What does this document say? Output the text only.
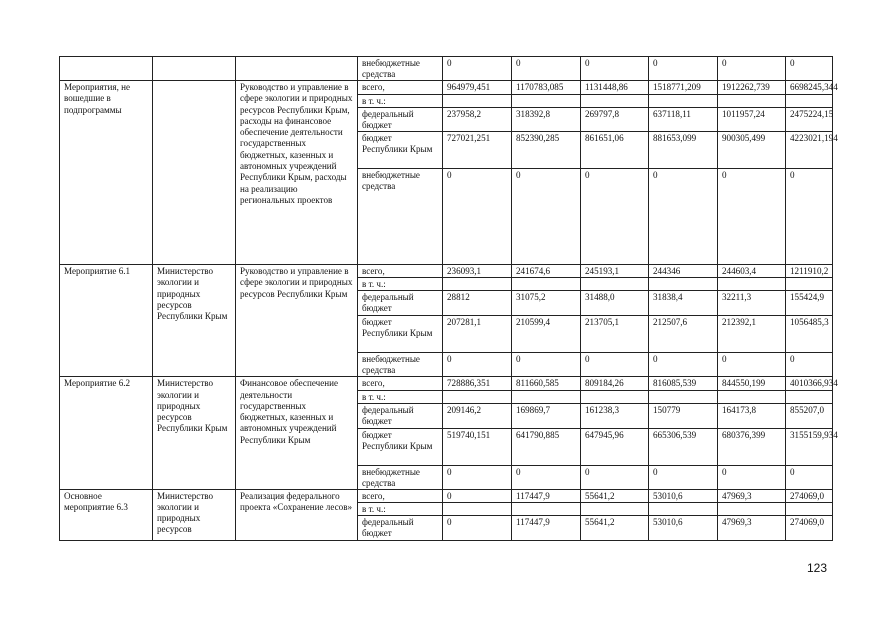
			внебюджетные средства	0	0	0	0	0	0
Мероприятия, не вошедшие в подпрограммы		Руководство и управление в сфере экологии и природных ресурсов Республики Крым, расходы на финансовое обеспечение деятельности государственных бюджетных, казенных и автономных учреждений Республики Крым, расходы на реализацию региональных проектов	всего,	964979,451	1170783,085	1131448,86	1518771,209	1912262,739	6698245,344
			в т. ч.:						
			федеральный бюджет	237958,2	318392,8	269797,8	637118,11	1011957,24	2475224,15
			бюджет Республики Крым	727021,251	852390,285	861651,06	881653,099	900305,499	4223021,194
			внебюджетные средства	0	0	0	0	0	0
Мероприятие 6.1	Министерство экологии и природных ресурсов Республики Крым	Руководство и управление в сфере экологии и природных ресурсов Республики Крым	всего,	236093,1	241674,6	245193,1	244346	244603,4	1211910,2
			в т. ч.:						
			федеральный бюджет	28812	31075,2	31488,0	31838,4	32211,3	155424,9
			бюджет Республики Крым	207281,1	210599,4	213705,1	212507,6	212392,1	1056485,3
			внебюджетные средства	0	0	0	0	0	0
Мероприятие 6.2	Министерство экологии и природных ресурсов Республики Крым	Финансовое обеспечение деятельности государственных бюджетных, казенных и автономных учреждений Республики Крым	всего,	728886,351	811660,585	809184,26	816085,539	844550,199	4010366,934
			в т. ч.:						
			федеральный бюджет	209146,2	169869,7	161238,3	150779	164173,8	855207,0
			бюджет Республики Крым	519740,151	641790,885	647945,96	665306,539	680376,399	3155159,934
			внебюджетные средства	0	0	0	0	0	0
Основное мероприятие 6.3	Министерство экологии и природных ресурсов	Реализация федерального проекта «Сохранение лесов»	всего,	0	117447,9	55641,2	53010,6	47969,3	274069,0
			в т. ч.:						
			федеральный бюджет	0	117447,9	55641,2	53010,6	47969,3	274069,0
123
